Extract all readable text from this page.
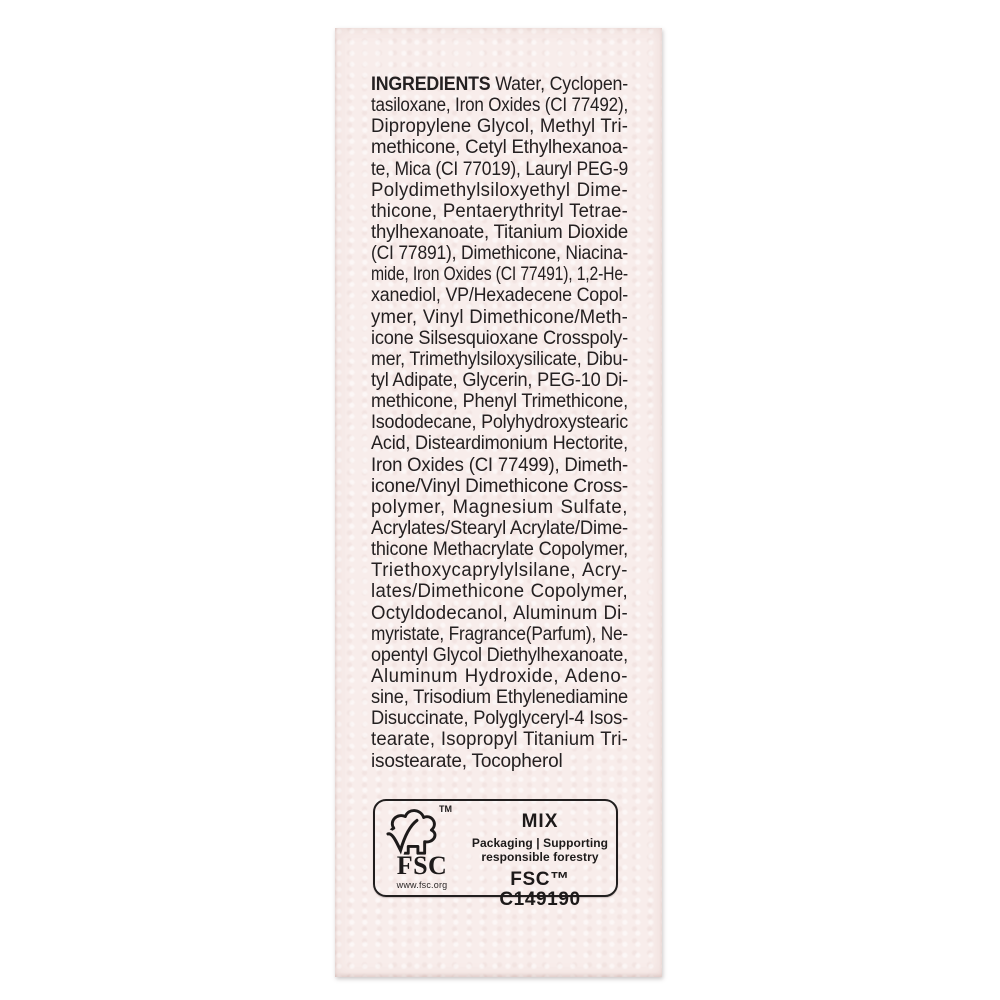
INGREDIENTS Water, Cyclopen-
tasiloxane, Iron Oxides (CI 77492),
Dipropylene Glycol, Methyl Tri-
methicone, Cetyl Ethylhexanoa-
te, Mica (CI 77019), Lauryl PEG-9
Polydimethylsiloxyethyl Dime-
thicone, Pentaerythrityl Tetrae-
thylhexanoate, Titanium Dioxide
(CI 77891), Dimethicone, Niacina-
mide, Iron Oxides (CI 77491), 1,2-He-
xanediol, VP/Hexadecene Copol-
ymer, Vinyl Dimethicone/Meth-
icone Silsesquioxane Crosspoly-
mer, Trimethylsiloxysilicate, Dibu-
tyl Adipate, Glycerin, PEG-10 Di-
methicone, Phenyl Trimethicone,
Isododecane, Polyhydroxystearic
Acid, Disteardimonium Hectorite,
Iron Oxides (CI 77499), Dimeth-
icone/Vinyl Dimethicone Cross-
polymer, Magnesium Sulfate,
Acrylates/Stearyl Acrylate/Dime-
thicone Methacrylate Copolymer,
Triethoxycaprylylsilane, Acry-
lates/Dimethicone Copolymer,
Octyldodecanol, Aluminum Di-
myristate, Fragrance(Parfum), Ne-
opentyl Glycol Diethylhexanoate,
Aluminum Hydroxide, Adeno-
sine, Trisodium Ethylenediamine
Disuccinate, Polyglyceryl-4 Isos-
tearate, Isopropyl Titanium Tri-
isostearate, Tocopherol
TM
FSC
www.fsc.org
MIX
Packaging | Supporting
responsible forestry
FSC™ C149190
